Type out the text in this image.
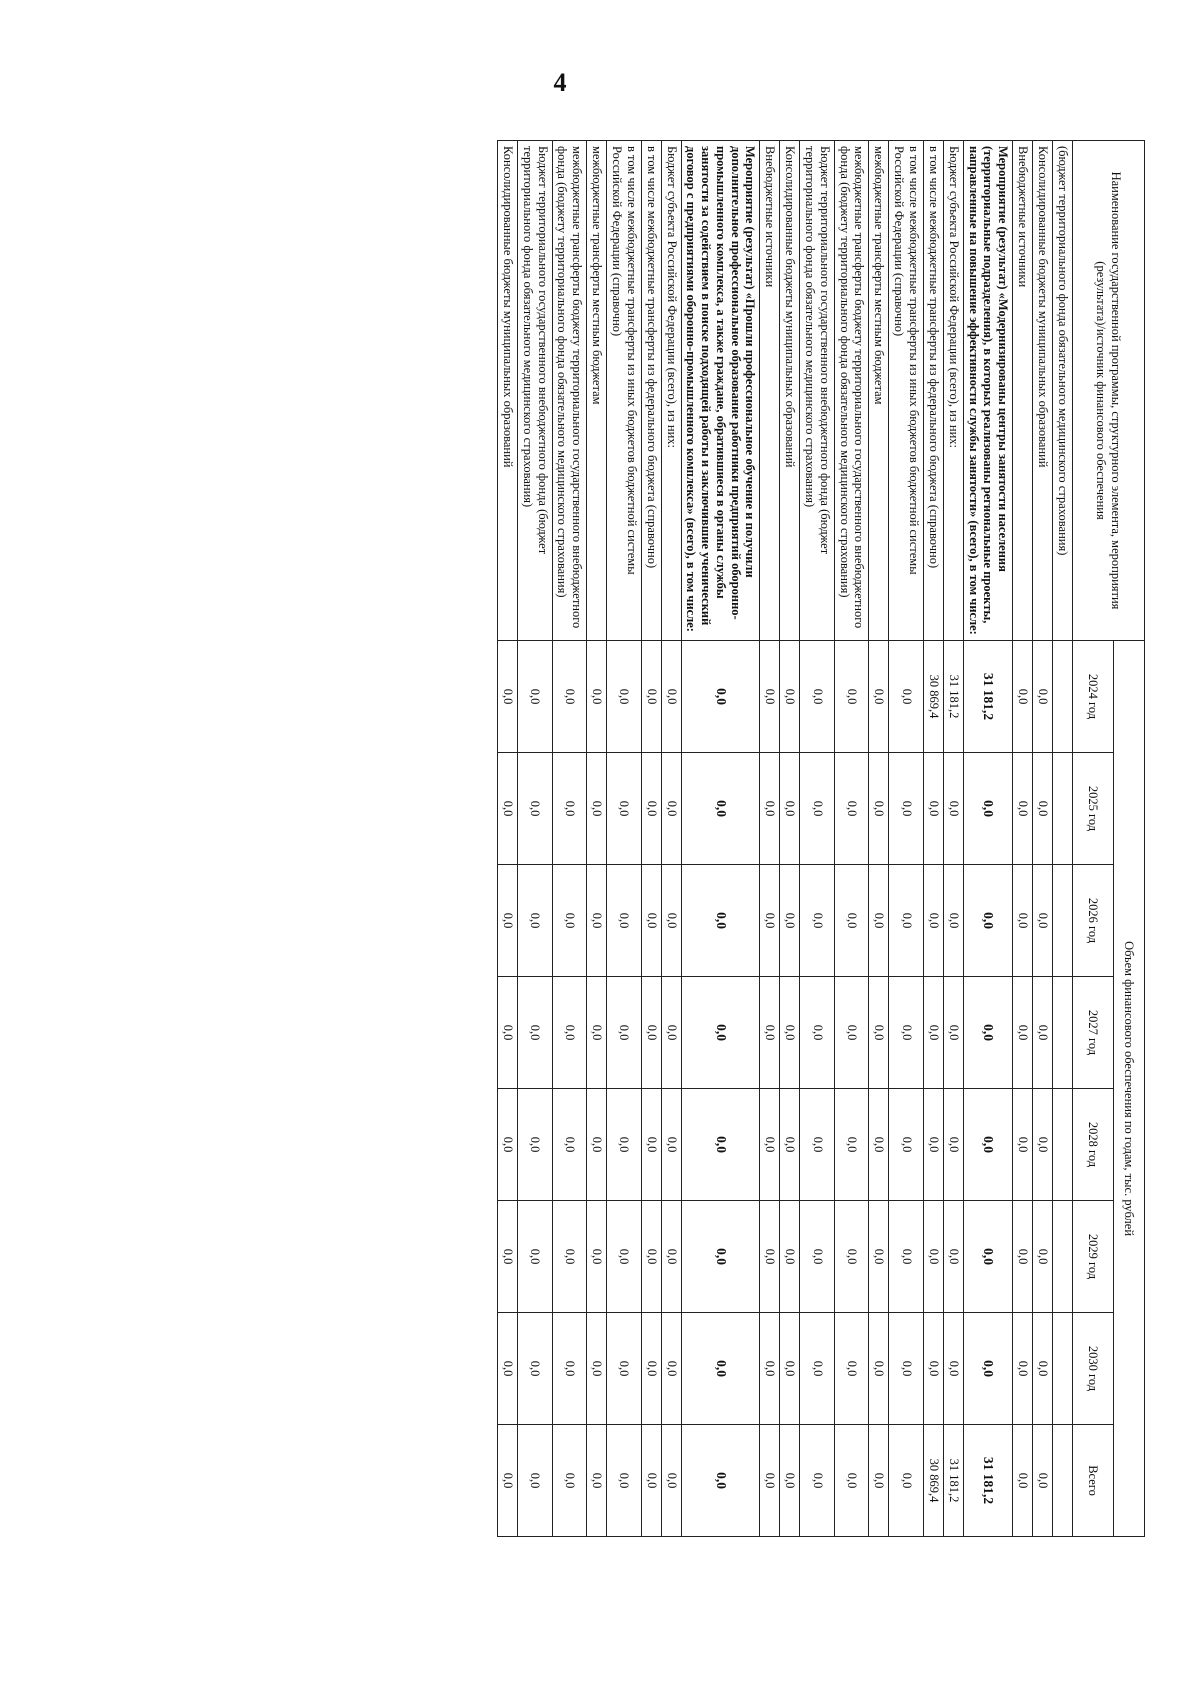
4
Наименование государственной программы, структурного элемента, мероприятия (результата)/источник финансового обеспечения	Объем финансового обеспечения по годам, тыс. рублей							
	2024 год	2025 год	2026 год	2027 год	2028 год	2029 год	2030 год	Всего
(бюджет территориального фонда обязательного медицинского страхования)								
Консолидированные бюджеты муниципальных образований	0,0	0,0	0,0	0,0	0,0	0,0	0,0	0,0
Внебюджетные источники	0,0	0,0	0,0	0,0	0,0	0,0	0,0	0,0
Мероприятие (результат) «Модернизированы центры занятости населения (территориальные подразделения), в которых реализованы региональные проекты, направленные на повышение эффективности службы занятости» (всего), в том числе:	31 181,2	0,0	0,0	0,0	0,0	0,0	0,0	31 181,2
Бюджет субъекта Российской Федерации (всего), из них:	31 181,2	0,0	0,0	0,0	0,0	0,0	0,0	31 181,2
в том числе межбюджетные трансферты из федерального бюджета (справочно)	30 869,4	0,0	0,0	0,0	0,0	0,0	0,0	30 869,4
в том числе межбюджетные трансферты из иных бюджетов бюджетной системы Российской Федерации (справочно)	0,0	0,0	0,0	0,0	0,0	0,0	0,0	0,0
межбюджетные трансферты местным бюджетам	0,0	0,0	0,0	0,0	0,0	0,0	0,0	0,0
межбюджетные трансферты бюджету территориального государственного внебюджетного фонда (бюджету территориального фонда обязательного медицинского страхования)	0,0	0,0	0,0	0,0	0,0	0,0	0,0	0,0
Бюджет территориального государственного внебюджетного фонда (бюджет территориального фонда обязательного медицинского страхования)	0,0	0,0	0,0	0,0	0,0	0,0	0,0	0,0
Консолидированные бюджеты муниципальных образований	0,0	0,0	0,0	0,0	0,0	0,0	0,0	0,0
Внебюджетные источники	0,0	0,0	0,0	0,0	0,0	0,0	0,0	0,0
Мероприятие (результат) «Прошли профессиональное обучение и получили дополнительное профессиональное образование работники предприятий оборонно-промышленного комплекса, а также граждане, обратившиеся в органы службы занятости за содействием в поиске подходящей работы и заключившие ученический договор с предприятиями оборонно-промышленного комплекса» (всего), в том числе:	0,0	0,0	0,0	0,0	0,0	0,0	0,0	0,0
Бюджет субъекта Российской Федерации (всего), из них:	0,0	0,0	0,0	0,0	0,0	0,0	0,0	0,0
в том числе межбюджетные трансферты из федерального бюджета (справочно)	0,0	0,0	0,0	0,0	0,0	0,0	0,0	0,0
в том числе межбюджетные трансферты из иных бюджетов бюджетной системы Российской Федерации (справочно)	0,0	0,0	0,0	0,0	0,0	0,0	0,0	0,0
межбюджетные трансферты местным бюджетам	0,0	0,0	0,0	0,0	0,0	0,0	0,0	0,0
межбюджетные трансферты бюджету территориального государственного внебюджетного фонда (бюджету территориального фонда обязательного медицинского страхования)	0,0	0,0	0,0	0,0	0,0	0,0	0,0	0,0
Бюджет территориального государственного внебюджетного фонда (бюджет территориального фонда обязательного медицинского страхования)	0,0	0,0	0,0	0,0	0,0	0,0	0,0	0,0
Консолидированные бюджеты муниципальных образований	0,0	0,0	0,0	0,0	0,0	0,0	0,0	0,0
